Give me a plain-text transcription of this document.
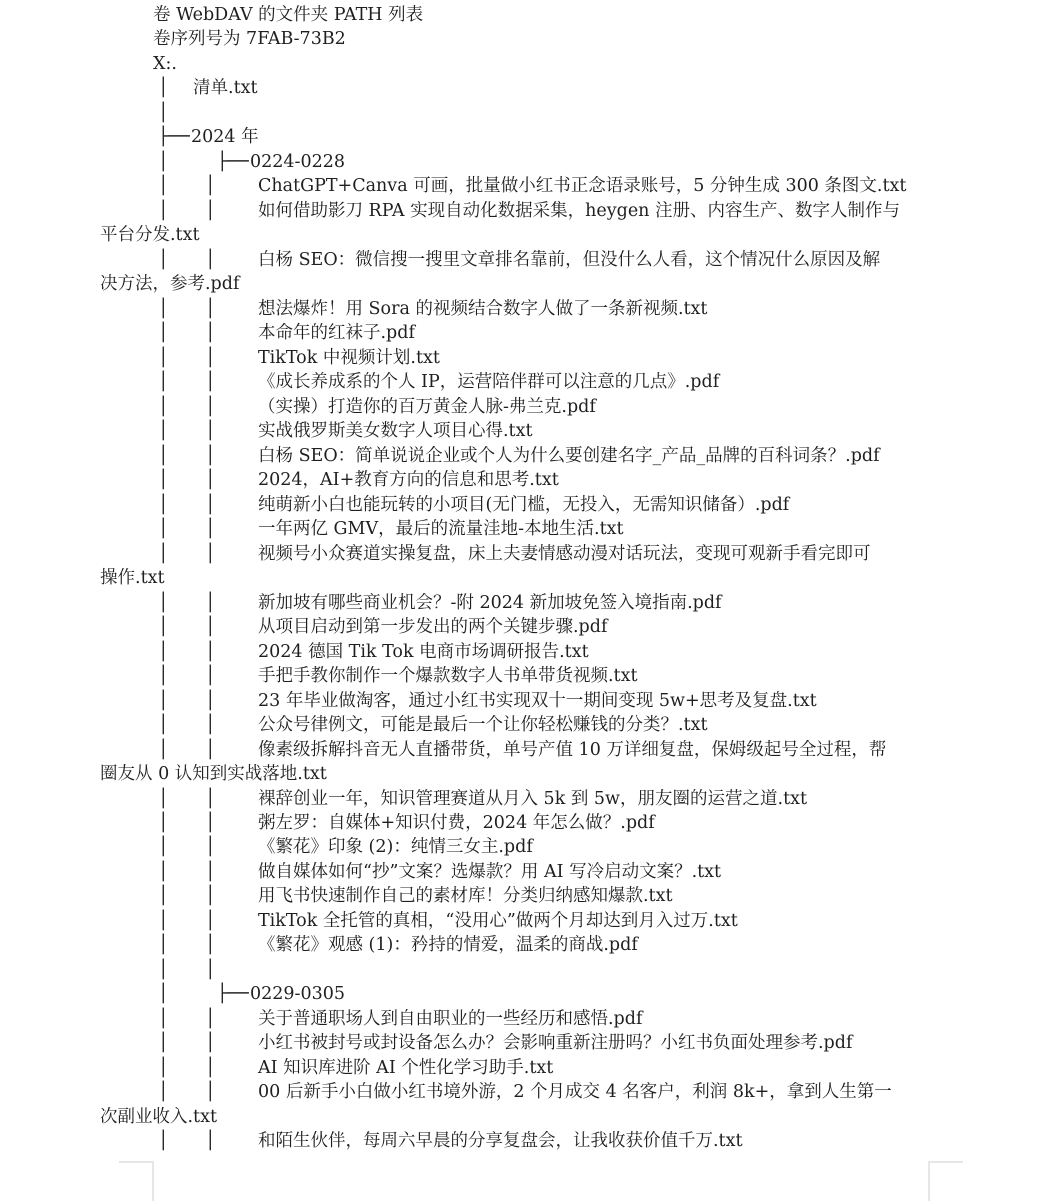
卷 WebDAV 的文件夹 PATH 列表
卷序列号为 7FAB-73B2
X:.
│ 清单.txt
│
├── 2024 年
│	├── 0224-0228
│ │ ChatGPT+Canva 可画，批量做小红书正念语录账号，5 分钟生成 300 条图文.txt
│ │ 如何借助影刀 RPA 实现自动化数据采集，heygen 注册、内容生产、数字人制作与
平台分发.txt
│ │ 白杨 SEO：微信搜一搜里文章排名靠前，但没什么人看，这个情况什么原因及解
决方法，参考.pdf
│ │ 想法爆炸！用 Sora 的视频结合数字人做了一条新视频.txt
│ │ 本命年的红袜子.pdf
│ │ TikTok 中视频计划.txt
│ │ 《成长养成系的个人 IP，运营陪伴群可以注意的几点》.pdf
│ │ （实操）打造你的百万黄金人脉-弗兰克.pdf
│ │ 实战俄罗斯美女数字人项目心得.txt
│ │ 白杨 SEO：简单说说企业或个人为什么要创建名字_产品_品牌的百科词条？.pdf
│ │ 2024，AI+教育方向的信息和思考.txt
│ │ 纯萌新小白也能玩转的小项目(无门槛，无投入，无需知识储备）.pdf
│ │ 一年两亿 GMV，最后的流量洼地-本地生活.txt
│ │ 视频号小众赛道实操复盘，床上夫妻情感动漫对话玩法，变现可观新手看完即可
操作.txt
│ │ 新加坡有哪些商业机会？-附 2024 新加坡免签入境指南.pdf
│ │ 从项目启动到第一步发出的两个关键步骤.pdf
│ │ 2024 德国 Tik Tok 电商市场调研报告.txt
│ │ 手把手教你制作一个爆款数字人书单带货视频.txt
│ │ 23 年毕业做淘客，通过小红书实现双十一期间变现 5w+思考及复盘.txt
│ │ 公众号律例文，可能是最后一个让你轻松赚钱的分类？.txt
│ │ 像素级拆解抖音无人直播带货，单号产值 10 万详细复盘，保姆级起号全过程，帮
圈友从 0 认知到实战落地.txt
│ │ 裸辞创业一年，知识管理赛道从月入 5k 到 5w，朋友圈的运营之道.txt
│ │ 粥左罗：自媒体+知识付费，2024 年怎么做？.pdf
│ │ 《繁花》印象 (2)：纯情三女主.pdf
│ │ 做自媒体如何“抄”文案？选爆款？用 AI 写冷启动文案？.txt
│ │ 用飞书快速制作自己的素材库！分类归纳感知爆款.txt
│ │ TikTok 全托管的真相，“没用心”做两个月却达到月入过万.txt
│ │ 《繁花》观感 (1)：矜持的情爱，温柔的商战.pdf
│ │
│	├── 0229-0305
│ │ 关于普通职场人到自由职业的一些经历和感悟.pdf
│ │ 小红书被封号或封设备怎么办？会影响重新注册吗？小红书负面处理参考.pdf
│ │ AI 知识库进阶 AI 个性化学习助手.txt
│ │ 00 后新手小白做小红书境外游，2 个月成交 4 名客户，利润 8k+，拿到人生第一
次副业收入.txt
│ │ 和陌生伙伴，每周六早晨的分享复盘会，让我收获价值千万.txt
